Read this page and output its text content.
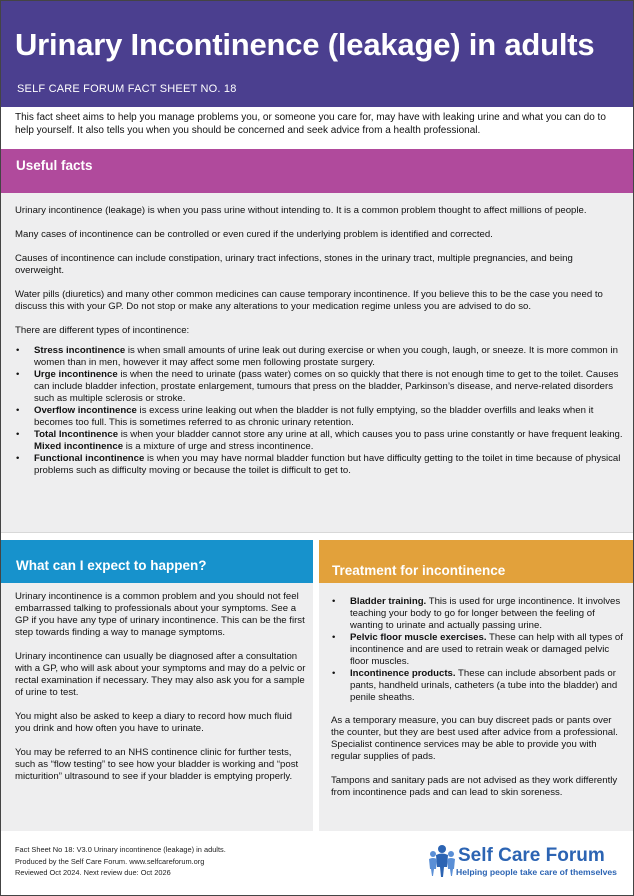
Urinary Incontinence (leakage) in adults
SELF CARE FORUM FACT SHEET NO. 18
This fact sheet aims to help you manage problems you, or someone you care for, may have with leaking urine and what you can do to help yourself. It also tells you when you should be concerned and seek advice from a health professional.
Useful facts

Urinary incontinence (leakage) is when you pass urine without intending to. It is a common problem thought to affect millions of people.

Many cases of incontinence can be controlled or even cured if the underlying problem is identified and corrected.

Causes of incontinence can include constipation, urinary tract infections, stones in the urinary tract, multiple pregnancies, and being overweight.

Water pills (diuretics) and many other common medicines can cause temporary incontinence. If you believe this to be the case you need to discuss this with your GP. Do not stop or make any alterations to your medication regime unless you are advised to do so.

There are different types of incontinence:

• Stress incontinence is when small amounts of urine leak out during exercise or when you cough, laugh, or sneeze. It is more common in women than in men, however it may affect some men following prostate surgery.
• Urge incontinence is when the need to urinate (pass water) comes on so quickly that there is not enough time to get to the toilet. Causes can include bladder infection, prostate enlargement, tumours that press on the bladder, Parkinson’s disease, and nerve-related disorders such as multiple sclerosis or stroke.
• Overflow incontinence is excess urine leaking out when the bladder is not fully emptying, so the bladder overfills and leaks when it becomes too full. This is sometimes referred to as chronic urinary retention.
• Total Incontinence is when your bladder cannot store any urine at all, which causes you to pass urine constantly or have frequent leaking.
Mixed incontinence is a mixture of urge and stress incontinence.
• Functional incontinence is when you may have normal bladder function but have difficulty getting to the toilet in time because of physical problems such as difficulty moving or because the toilet is difficult to get to.
What can I expect to happen?	Treatment for incontinence

Urinary incontinence is a common problem and you should not feel embarrassed talking to professionals about your symptoms. See a GP if you have any type of urinary incontinence. This can be the first step towards finding a way to manage symptoms.

Urinary incontinence can usually be diagnosed after a consultation with a GP, who will ask about your symptoms and may do a pelvic or rectal examination if necessary. They may also ask you for a sample of urine to test.

You might also be asked to keep a diary to record how much fluid you drink and how often you have to urinate.

You may be referred to an NHS continence clinic for further tests, such as “flow testing” to see how your bladder is working and “post micturition” ultrasound to see if your bladder is emptying properly.

• Bladder training. This is used for urge incontinence. It involves teaching your body to go for longer between the feeling of wanting to urinate and actually passing urine.
• Pelvic floor muscle exercises. These can help with all types of incontinence and are used to retrain weak or damaged pelvic floor muscles.
• Incontinence products. These can include absorbent pads or pants, handheld urinals, catheters (a tube into the bladder) and penile sheaths.

As a temporary measure, you can buy discreet pads or pants over the counter, but they are best used after advice from a professional. Specialist continence services may be able to provide you with regular supplies of pads.

Tampons and sanitary pads are not advised as they work differently from incontinence pads and can lead to skin soreness.

Fact Sheet No 18: V3.0 Urinary incontinence (leakage) in adults.
Produced by the Self Care Forum. www.selfcareforum.org
Reviewed Oct 2024. Next review due: Oct 2026
Self Care Forum
Helping people take care of themselves
